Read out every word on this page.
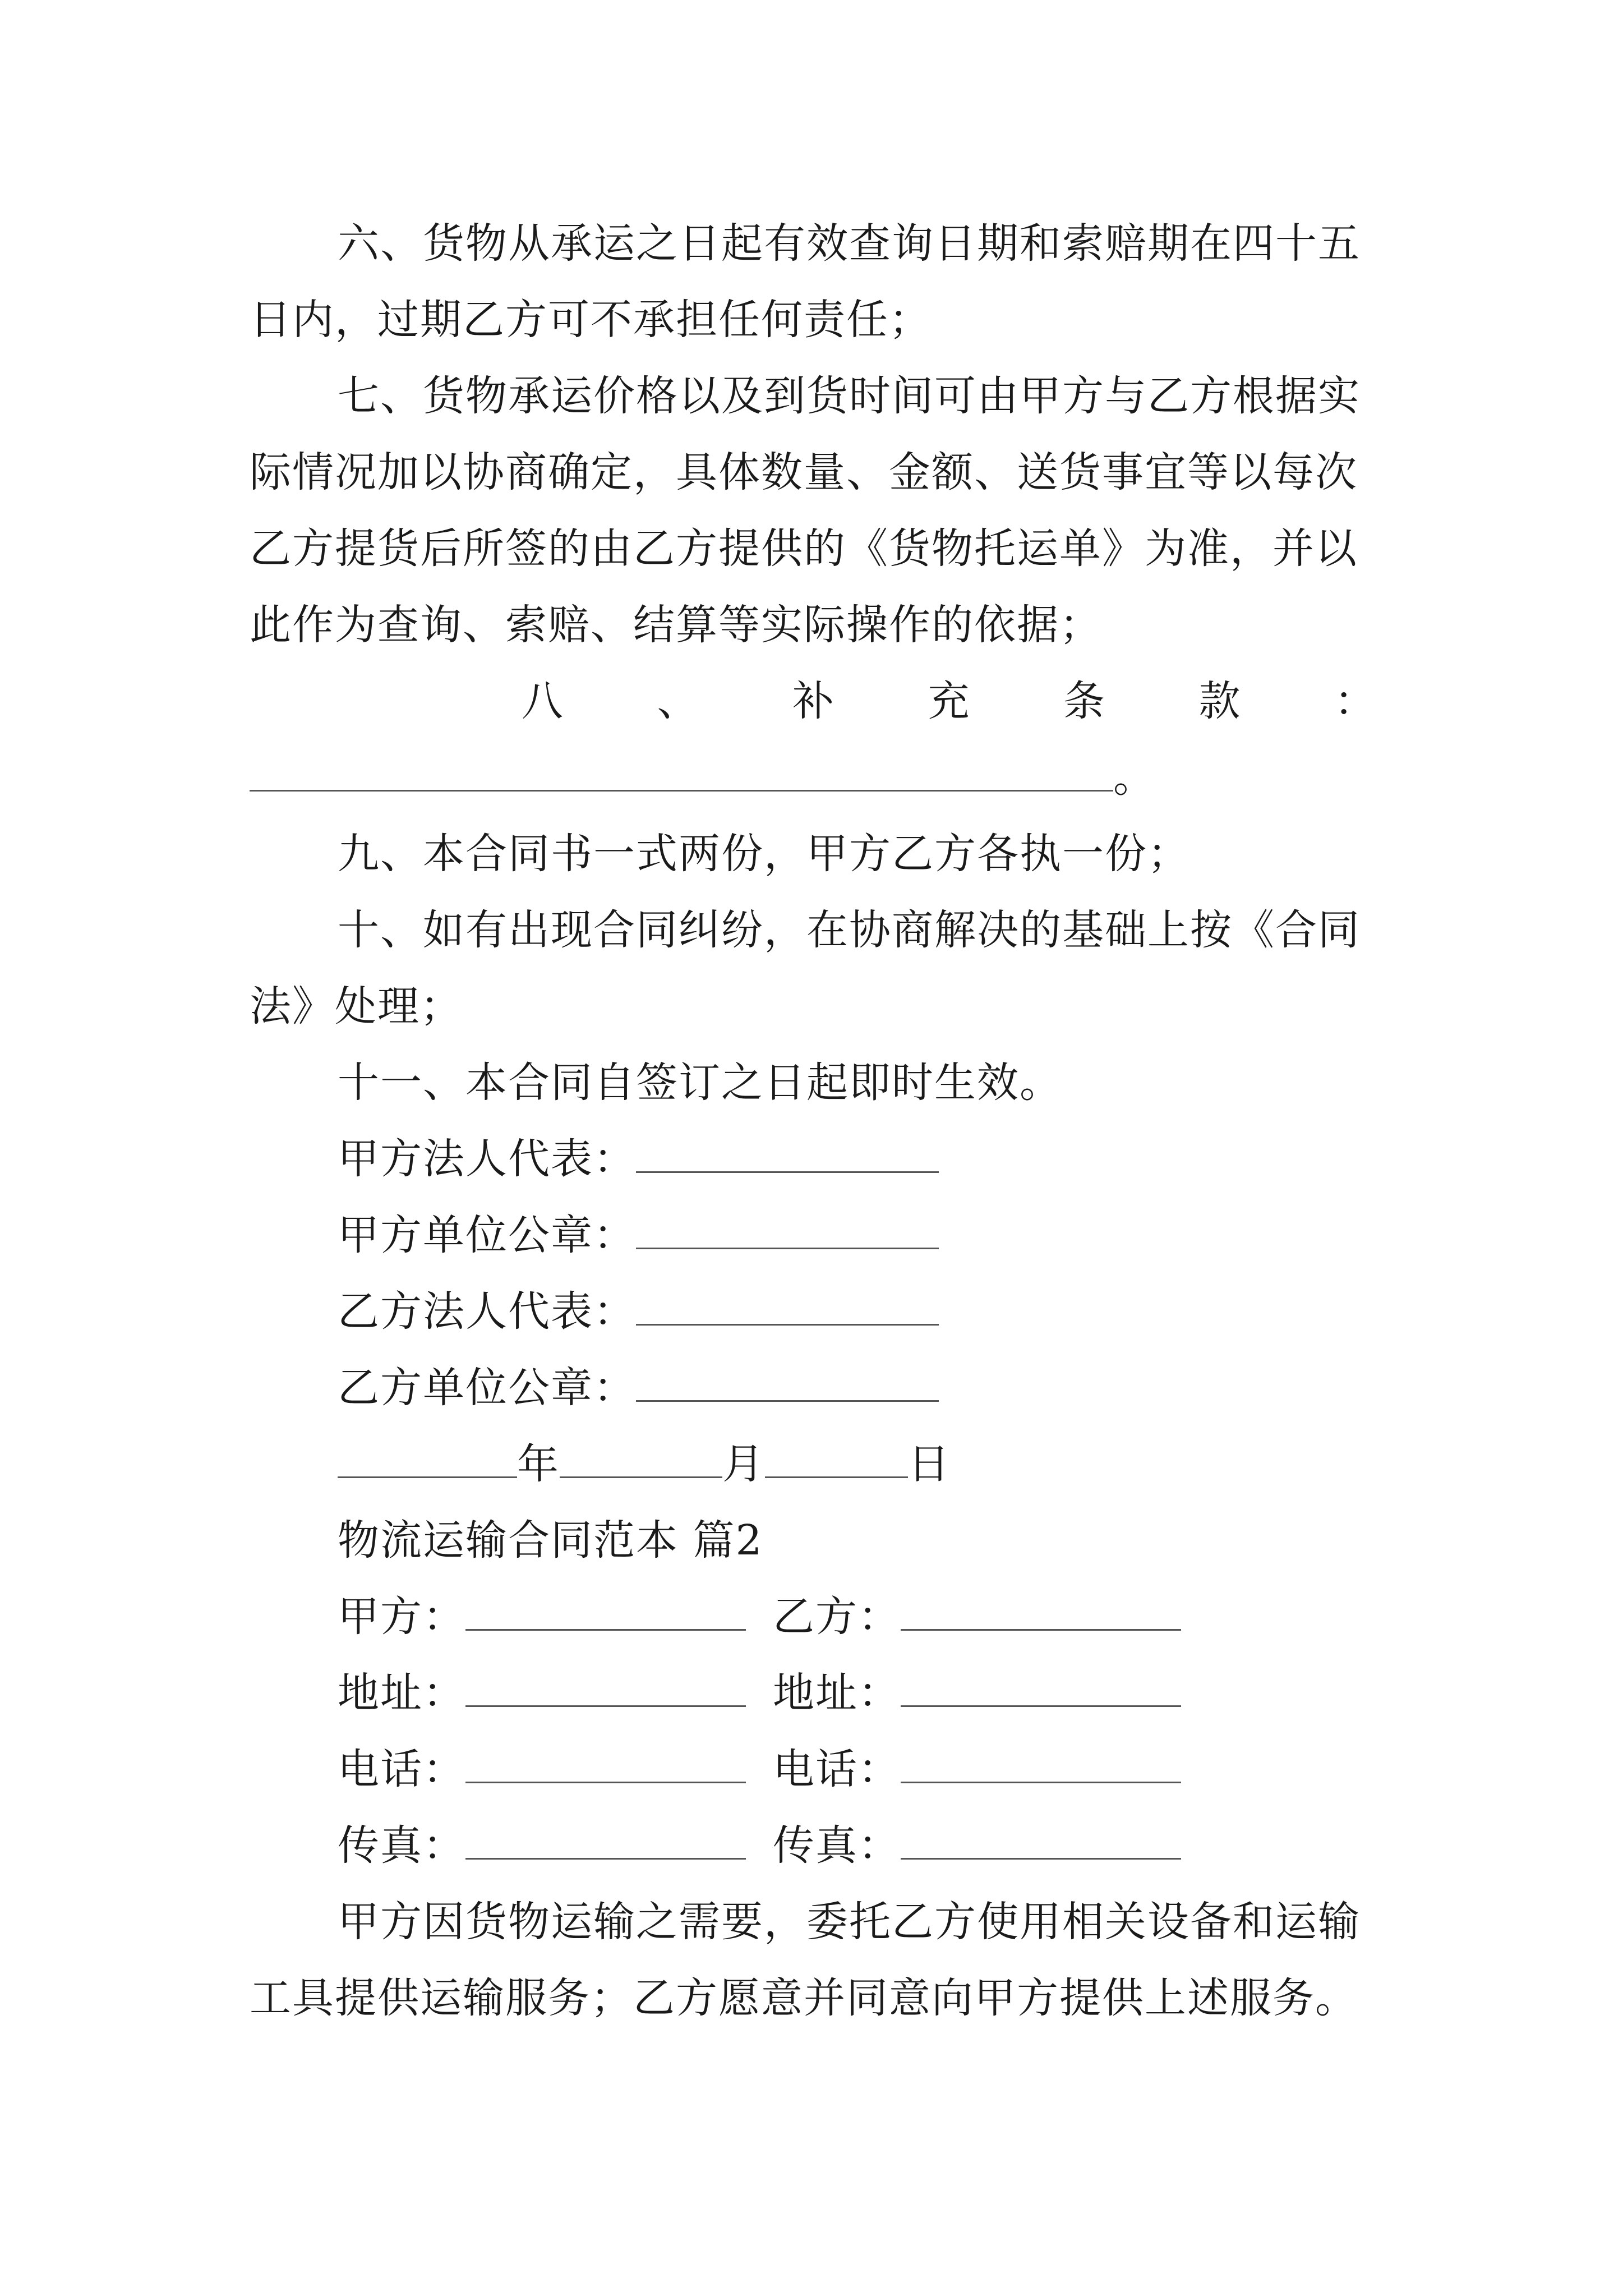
六、货物从承运之日起有效查询日期和索赔期在四十五
日内，过期乙方可不承担任何责任；
七、货物承运价格以及到货时间可由甲方与乙方根据实
际情况加以协商确定，具体数量、金额、送货事宜等以每次
乙方提货后所签的由乙方提供的《货物托运单》为准，并以
此作为查询、索赔、结算等实际操作的依据；
八 、 补 充 条 款 ：
。
九、本合同书一式两份，甲方乙方各执一份；
十、如有出现合同纠纷，在协商解决的基础上按《合同
法》处理；
十一、本合同自签订之日起即时生效。
甲方法人代表：
甲方单位公章：
乙方法人代表：
乙方单位公章：
年	月	日
物流运输合同范本 篇2
甲方：	乙方：
地址：	地址：
电话：	电话：
传真：	传真：
甲方因货物运输之需要，委托乙方使用相关设备和运输
工具提供运输服务；乙方愿意并同意向甲方提供上述服务。
